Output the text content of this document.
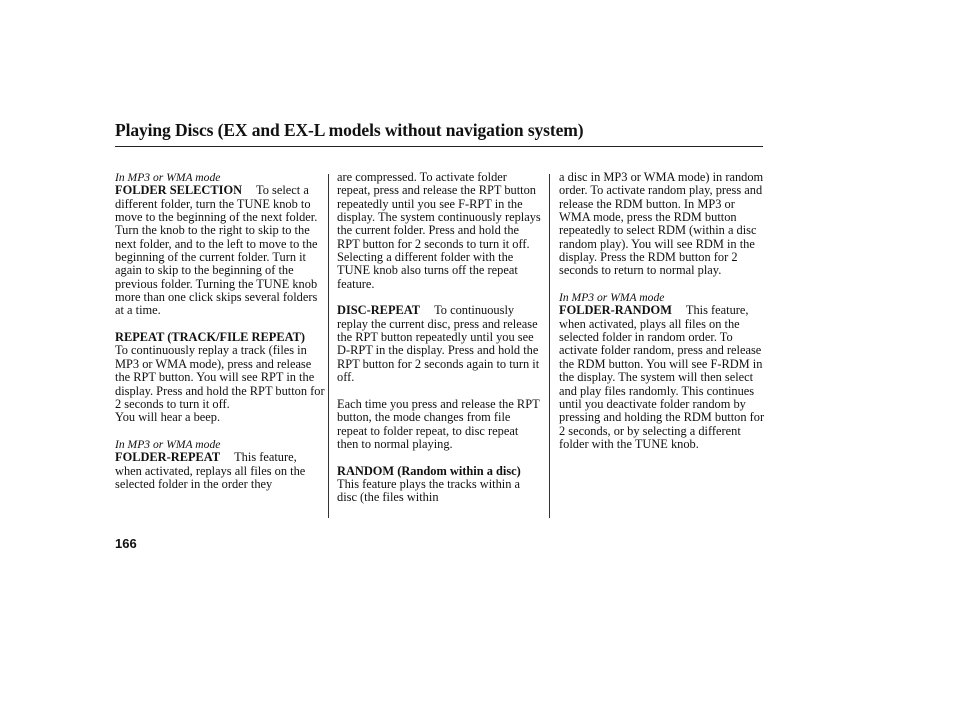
Playing Discs (EX and EX-L models without navigation system)

In MP3 or WMA mode
FOLDER SELECTION To select a different folder, turn the TUNE knob to move to the beginning of the next folder. Turn the knob to the right to skip to the next folder, and to the left to move to the beginning of the current folder. Turn it again to skip to the beginning of the previous folder. Turning the TUNE knob more than one click skips several folders at a time.

REPEAT (TRACK/FILE REPEAT)To continuously replay a track (files in MP3 or WMA mode), press and release the RPT button. You will see RPT in the display. Press and hold the RPT button for 2 seconds to turn it off.
You will hear a beep.

In MP3 or WMA mode
FOLDER-REPEAT This feature, when activated, replays all files on the selected folder in the order they

are compressed. To activate folder repeat, press and release the RPT button repeatedly until you see F-RPT in the display. The system continuously replays the current folder. Press and hold the RPT button for 2 seconds to turn it off. Selecting a different folder with the TUNE knob also turns off the repeat feature.

DISC-REPEAT To continuously replay the current disc, press and release the RPT button repeatedly until you see D-RPT in the display. Press and hold the RPT button for 2 seconds again to turn it off.

Each time you press and release the RPT button, the mode changes from file repeat to folder repeat, to disc repeat then to normal playing.

RANDOM (Random within a disc)This feature plays the tracks within a disc (the files within

a disc in MP3 or WMA mode) in random order. To activate random play, press and release the RDM button. In MP3 or WMA mode, press the RDM button repeatedly to select RDM (within a disc random play). You will see RDM in the display. Press the RDM button for 2 seconds to return to normal play.

In MP3 or WMA mode
FOLDER-RANDOM This feature, when activated, plays all files on the selected folder in random order. To activate folder random, press and release the RDM button. You will see F-RDM in the display. The system will then select and play files randomly. This continues until you deactivate folder random by pressing and holding the RDM button for 2 seconds, or by selecting a different folder with the TUNE knob.

166
